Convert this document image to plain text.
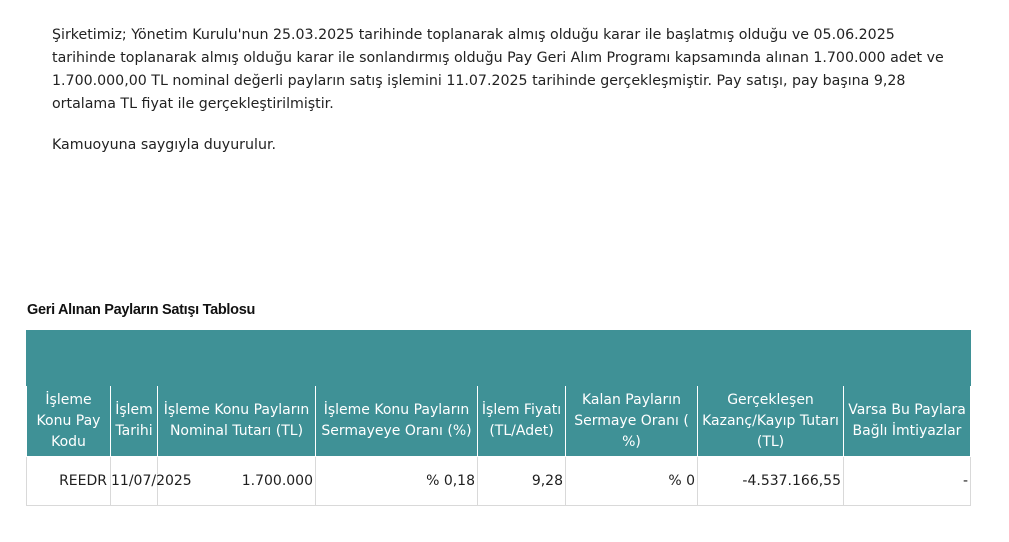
Şirketimiz; Yönetim Kurulu'nun 25.03.2025 tarihinde toplanarak almış olduğu karar ile başlatmış olduğu ve 05.06.2025 tarihinde toplanarak almış olduğu karar ile sonlandırmış olduğu Pay Geri Alım Programı kapsamında alınan 1.700.000 adet ve 1.700.000,00 TL nominal değerli payların satış işlemini 11.07.2025 tarihinde gerçekleşmiştir. Pay satışı, pay başına 9,28 ortalama TL fiyat ile gerçekleştirilmiştir.

Kamuoyuna saygıyla duyurulur.

Geri Alınan Payların Satışı Tablosu

İşleme Konu Pay Kodu	İşlem Tarihi	İşleme Konu Payların Nominal Tutarı (TL)	İşleme Konu Payların Sermayeye Oranı (%)	İşlem Fiyatı (TL/Adet)	Kalan Payların Sermaye Oranı ( %)	Gerçekleşen Kazanç/Kayıp Tutarı (TL)	Varsa Bu Paylara Bağlı İmtiyazlar
REEDR	11/07/2025	1.700.000	% 0,18	9,28	% 0	-4.537.166,55	-
